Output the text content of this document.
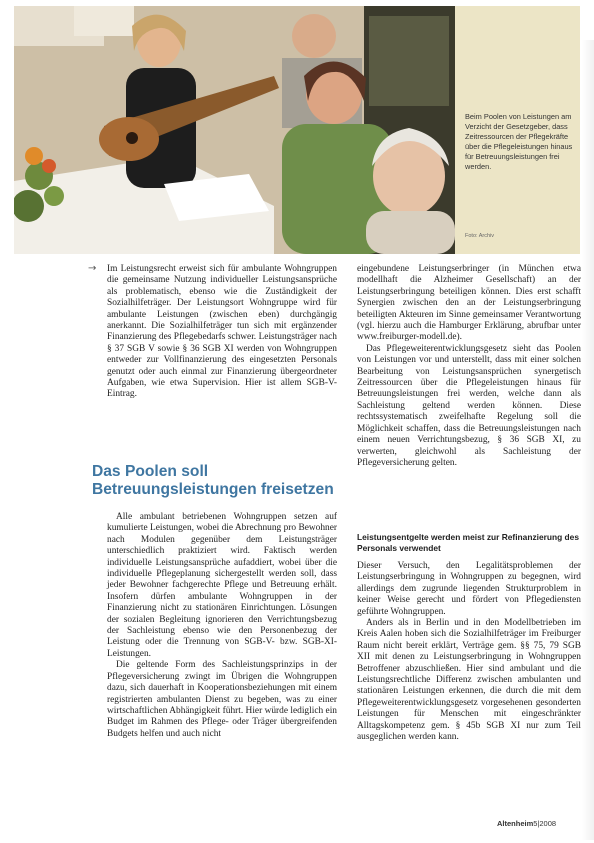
Beim Poolen von Leistungen am Verzicht der Gesetzgeber, dass Zeitressourcen der Pflegekräfte über die Pflegeleistungen hinaus für Betreuungsleistungen frei werden.
Foto: Archiv
→ Im Leistungsrecht erweist sich für ambulante Wohngruppen die gemeinsame Nutzung individueller Leistungsansprüche als problematisch, ebenso wie die Zuständigkeit der Sozialhilfeträger. Der Leistungsort Wohngruppe wird für ambulante Leistungen (zwischen eben) durchgängig anerkannt. Die Sozialhilfeträger tun sich mit ergänzender Finanzierung des Pflegebedarfs schwer. Leistungsträger nach § 37 SGB V sowie § 36 SGB XI werden von Wohngruppen entweder zur Vollfinanzierung des eingesetzten Personals genutzt oder auch einmal zur Finanzierung übergeordneter Aufgaben, wie etwa Supervision. Hier ist allem SGB-V-Eintrag.

Das Poolen soll Betreuungsleistungen freisetzen

Alle ambulant betriebenen Wohngruppen setzen auf kumulierte Leistungen, wobei die Abrechnung pro Bewohner nach Modulen gegenüber dem Leistungsträger unterschiedlich praktiziert wird. Faktisch werden individuelle Leistungsansprüche aufaddiert, wobei über die individuelle Pflegeplanung sichergestellt werden soll, dass jeder Bewohner fachgerechte Pflege und Betreuung erhält. Insofern dürfen ambulante Wohngruppen in der Finanzierung nicht zu stationären Einrichtungen. Lösungen der sozialen Begleitung ignorieren den Verrichtungsbezug der Sachleistung ebenso wie den Personenbezug der Leistung oder die Trennung von SGB-V- bzw. SGB-XI-Leistungen.

Die geltende Form des Sachleistungsprinzips in der Pflegeversicherung zwingt im Übrigen die Wohngruppen dazu, sich dauerhaft in Kooperationsbeziehungen mit einem registrierten ambulanten Dienst zu begeben, was zu einer wirtschaftlichen Abhängigkeit führt. Hier würde lediglich ein Budget im Rahmen des Pflege- oder Träger übergreifenden Budgets helfen und auch nicht

eingebundene Leistungserbringer (in München etwa modellhaft die Alzheimer Gesellschaft) an der Leistungserbringung beteiligen können. Dies erst schafft Synergien zwischen den an der Leistungserbringung beteiligten Akteuren im Sinne gemeinsamer Verantwortung (vgl. hierzu auch die Hamburger Erklärung, abrufbar unter www.freiburger-modell.de).

Das Pflegeweiterentwicklungsgesetz sieht das Poolen von Leistungen vor und unterstellt, dass mit einer solchen Bearbeitung von Leistungsansprüchen synergetisch Zeitressourcen über die Pflegeleistungen hinaus für Betreuungsleistungen frei werden, welche dann als Sachleistung geltend werden können. Diese rechtssystematisch zweifelhafte Regelung soll die Möglichkeit schaffen, dass die Betreuungsleistungen nach einem neuen Verrichtungsbezug, § 36 SGB XI, zu verwerten, gleichwohl als Sachleistung der Pflegeversicherung gelten.

Leistungsentgelte werden meist zur Refinanzierung des Personals verwendet

Dieser Versuch, den Legalitätsproblemen der Leistungserbringung in Wohngruppen zu begegnen, wird allerdings dem zugrunde liegenden Strukturproblem in keiner Weise gerecht und fördert von Pflegediensten geführte Wohngruppen.

Anders als in Berlin und in den Modellbetrieben im Kreis Aalen hoben sich die Sozialhilfeträger im Freiburger Raum nicht bereit erklärt, Verträge gem. §§ 75, 79 SGB XII mit denen zu Leistungserbringung in Wohngruppen Betroffener abzuschließen. Hier sind ambulant und die Leistungsrechtliche Differenz zwischen ambulanten und stationären Leistungen erkennen, die durch die mit dem Pflegeweiterentwicklungsgesetz vorgesehenen gesonderten Leistungen für Menschen mit eingeschränkter Alltagskompetenz gem. § 45b SGB XI nur zum Teil ausgeglichen werden kann.

Altenheim5|2008
